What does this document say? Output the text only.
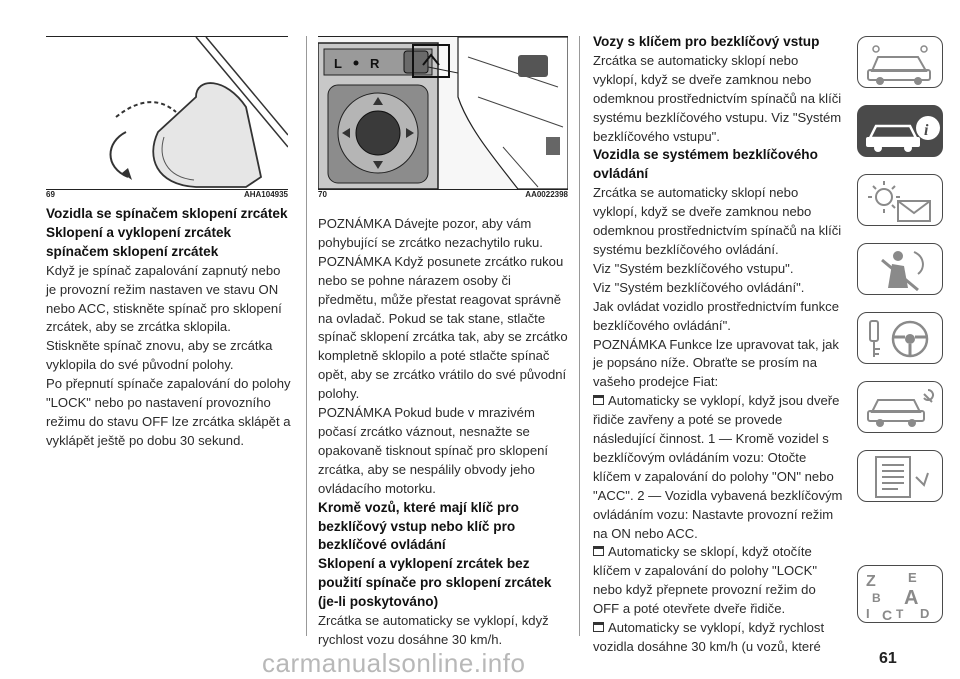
69	AHA104935
L R
70	AA0022398
Vozidla se spínačem sklopení zrcátek
Sklopení a vyklopení zrcátek spínačem sklopení zrcátek

Když je spínač zapalování zapnutý nebo je provozní režim nastaven ve stavu ON nebo ACC, stiskněte spínač pro sklopení zrcátek, aby se zrcátka sklopila.

Stiskněte spínač znovu, aby se zrcátka vyklopila do své původní polohy.

Po přepnutí spínače zapalování do polohy "LOCK" nebo po nastavení provozního režimu do stavu OFF lze zrcátka sklápět a vyklápět ještě po dobu 30 sekund.

POZNÁMKA Dávejte pozor, aby vám pohybující se zrcátko nezachytilo ruku.

POZNÁMKA Když posunete zrcátko rukou nebo se pohne nárazem osoby či předmětu, může přestat reagovat správně na ovladač. Pokud se tak stane, stlačte spínač sklopení zrcátka tak, aby se zrcátko kompletně sklopilo a poté stlačte spínač opět, aby se zrcátko vrátilo do své původní polohy.

POZNÁMKA Pokud bude v mrazivém počasí zrcátko váznout, nesnažte se opakovaně tisknout spínač pro sklopení zrcátka, aby se nespálily obvody jeho ovládacího motorku.

Kromě vozů, které mají klíč pro bezklíčový vstup nebo klíč pro bezklíčové ovládání
Sklopení a vyklopení zrcátek bez použití spínače pro sklopení zrcátek (je-li poskytováno)

Zrcátka se automaticky se vyklopí, když rychlost vozu dosáhne 30 km/h.

Vozy s klíčem pro bezklíčový vstup

Zrcátka se automaticky sklopí nebo vyklopí, když se dveře zamknou nebo odemknou prostřednictvím spínačů na klíči systému bezklíčového vstupu. Viz "Systém bezklíčového vstupu".

Vozidla se systémem bezklíčového ovládání

Zrcátka se automaticky sklopí nebo vyklopí, když se dveře zamknou nebo odemknou prostřednictvím spínačů na klíči systému bezklíčového ovládání.

Viz "Systém bezklíčového vstupu".

Viz "Systém bezklíčového ovládání".

Jak ovládat vozidlo prostřednictvím funkce bezklíčového ovládání".

POZNÁMKA Funkce lze upravovat tak, jak je popsáno níže. Obraťte se prosím na vašeho prodejce Fiat:

Automaticky se vyklopí, když jsou dveře řidiče zavřeny a poté se provede následující činnost. 1 — Kromě vozidel s bezklíčovým ovládáním vozu: Otočte klíčem v zapalování do polohy "ON" nebo "ACC". 2 — Vozidla vybavená bezklíčovým ovládáním vozu: Nastavte provozní režim na ON nebo ACC.

Automaticky se sklopí, když otočíte klíčem v zapalování do polohy "LOCK" nebo když přepnete provozní režim do OFF a poté otevřete dveře řidiče.

Automaticky se vyklopí, když rychlost vozidla dosáhne 30 km/h (u vozů, které

i
Z E
A
B
I C T D
61
carmanualsonline.info
